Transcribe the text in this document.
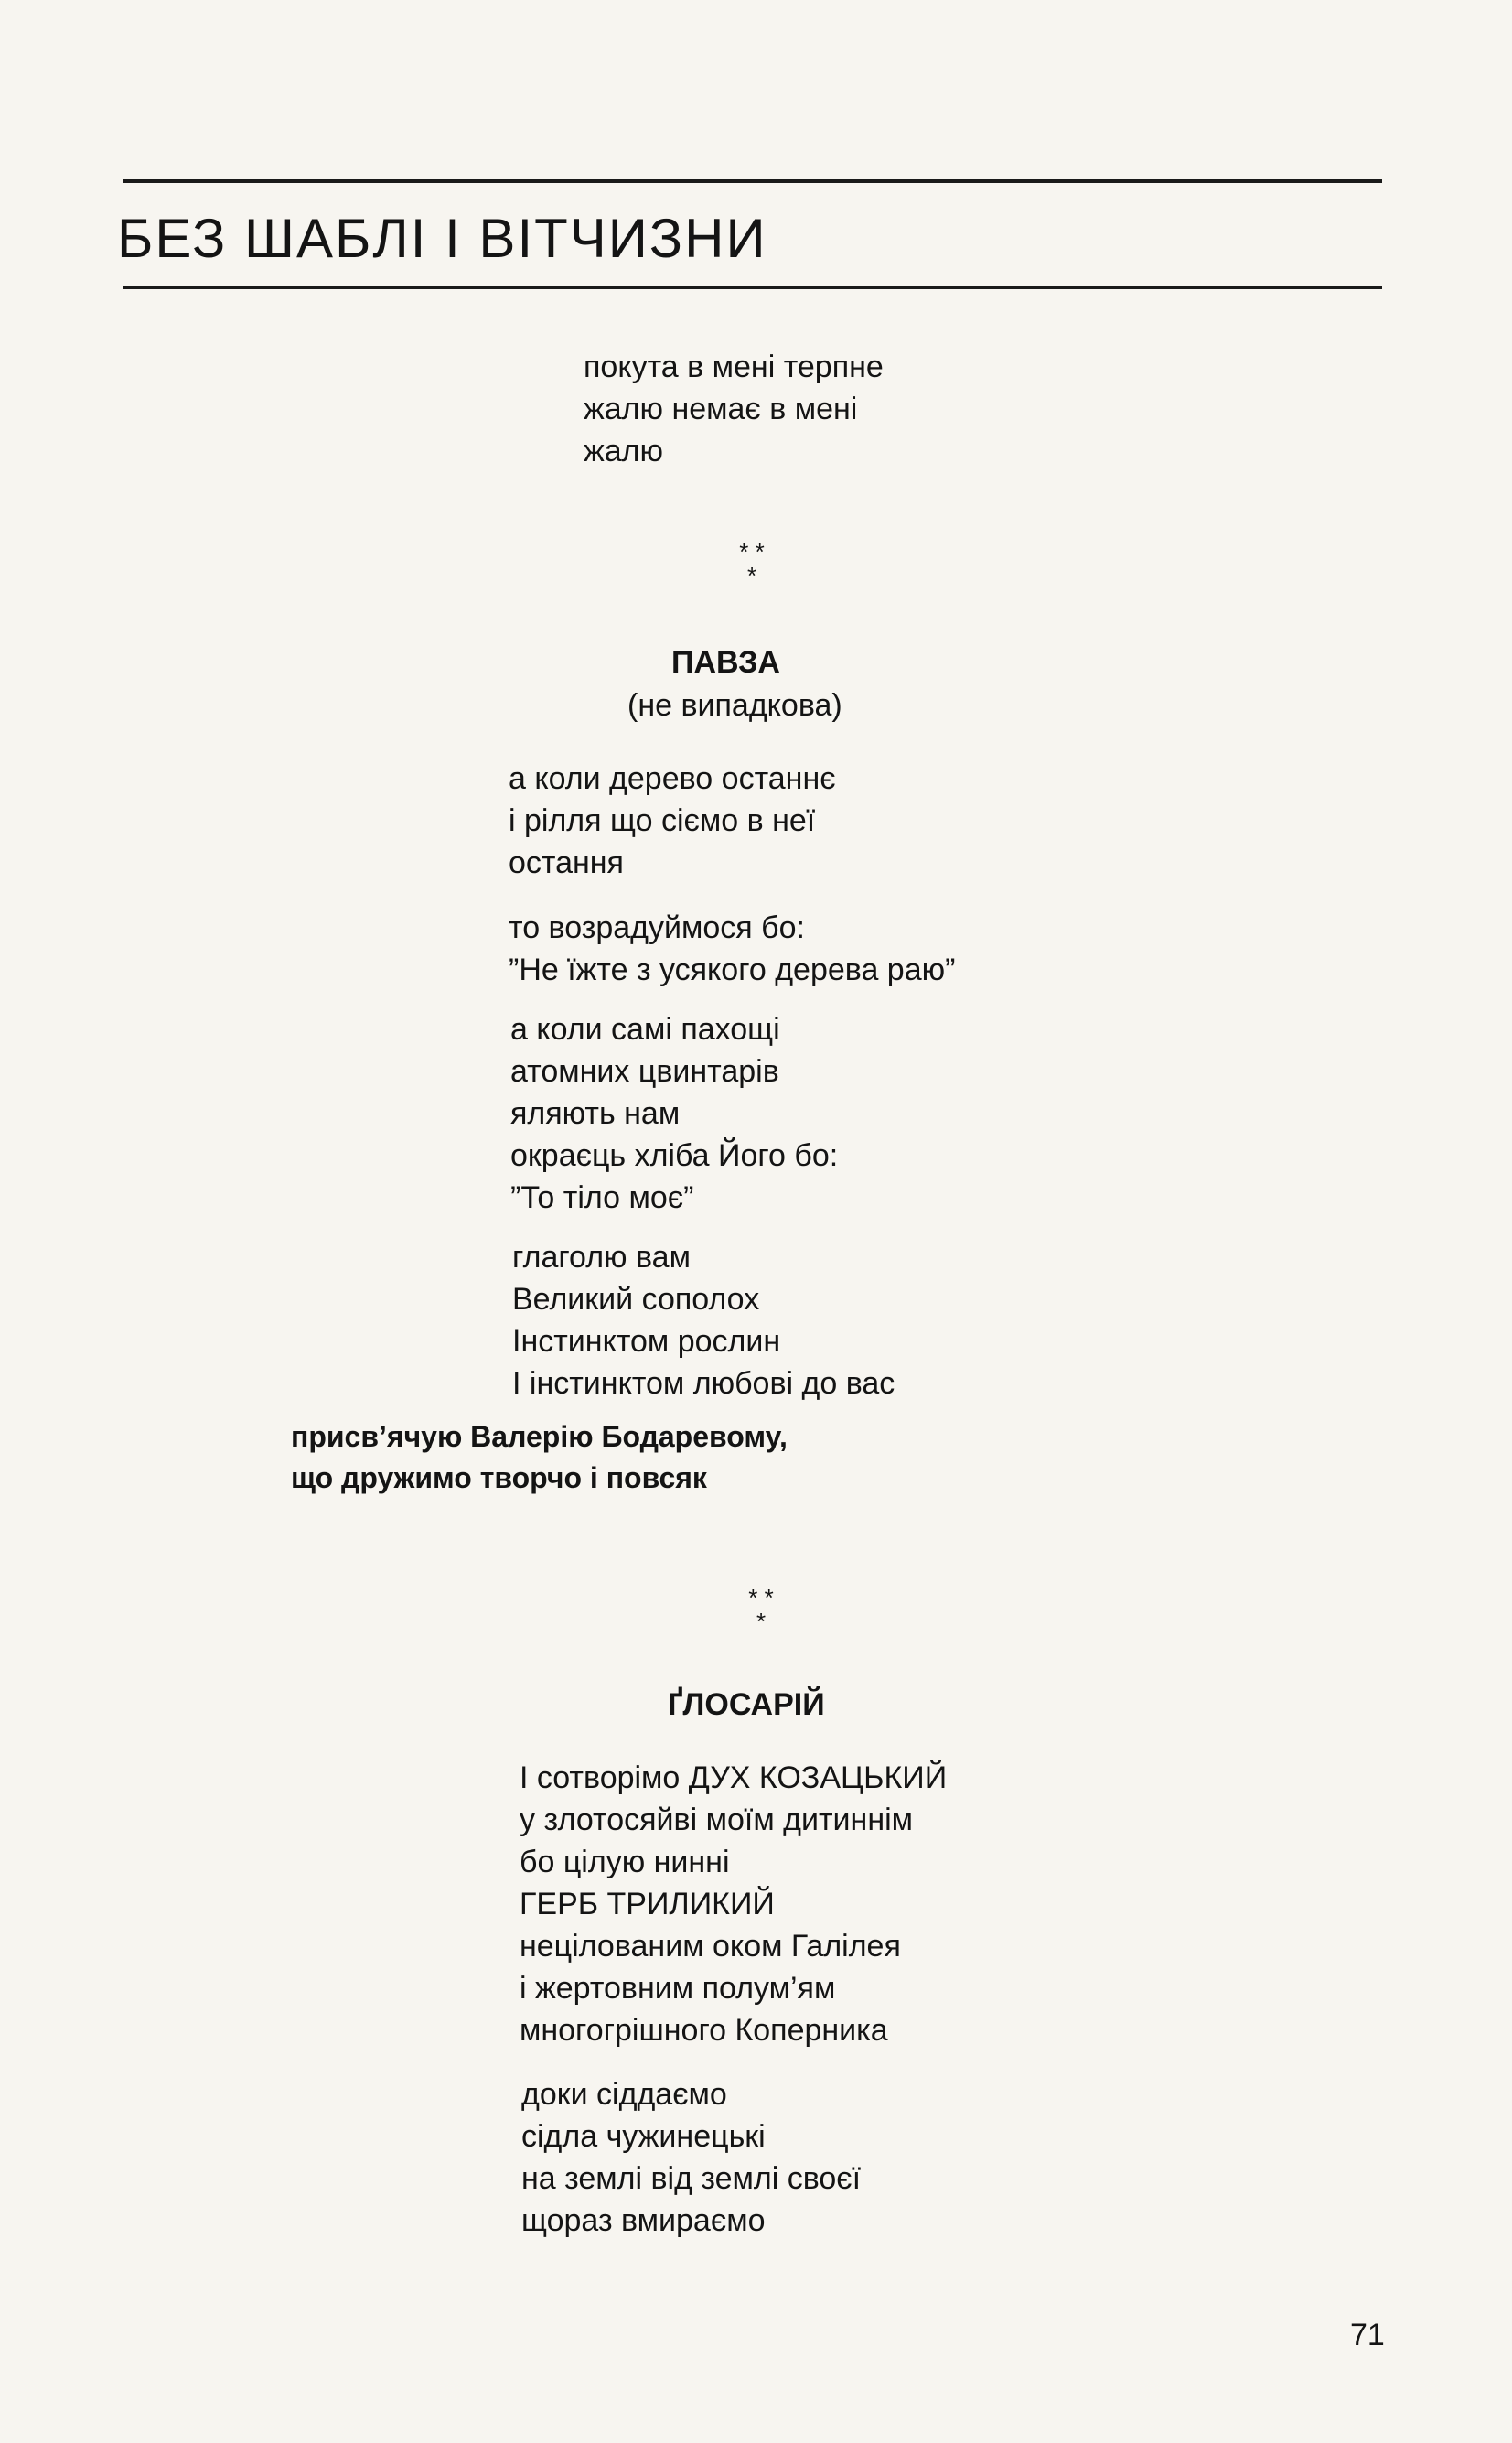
БЕЗ ШАБЛІ І ВІТЧИЗНИ
покута в мені терпне
жалю немає в мені
жалю
* *
*
ПАВЗА
(не випадкова)
а коли дерево останнє
і рілля що сіємо в неї
остання
то возрадуймося бо:
”Не їжте з усякого дерева раю”
а коли самі пахощі
атомних цвинтарів
яляють нам
окраєць хліба Його бо:
”То тіло моє”
глаголю вам
Великий сополох
Інстинктом рослин
І інстинктом любові до вас
присв’ячую Валерію Бодаревому,
що дружимо творчо і повсяк
* *
*
ҐЛОСАРІЙ
І сотворімо ДУХ КОЗАЦЬКИЙ
у злотосяйві моїм дитиннім
бо цілую нинні
ГЕРБ ТРИЛИКИЙ
нецілованим оком Галілея
і жертовним полум’ям
многогрішного Коперника
доки сіддаємо
сідла чужинецькі
на землі від землі своєї
щораз вмираємо
71
